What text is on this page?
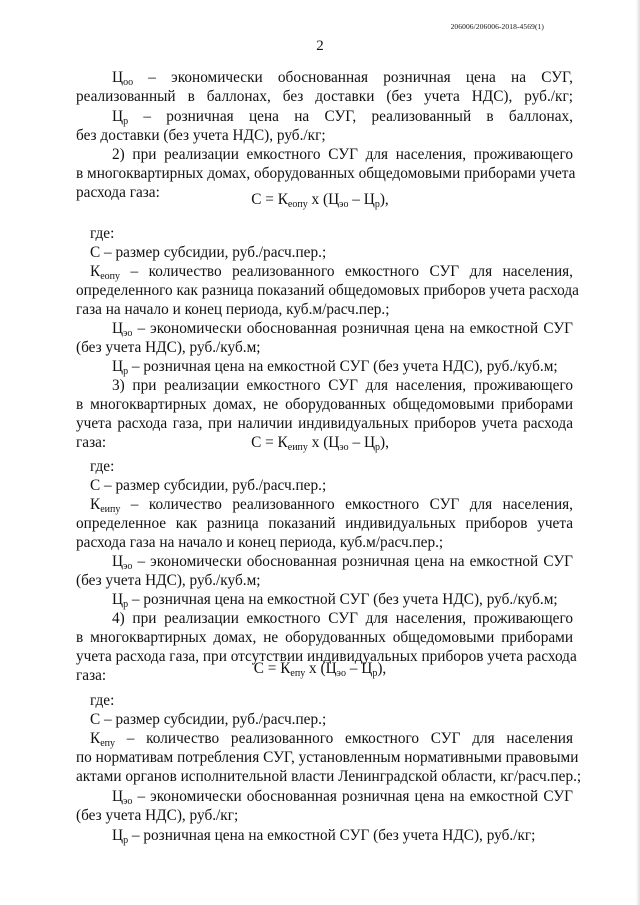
206006/206006-2018-4569(1)
2
$Ц_{оо}$ – экономически обоснованная розничная цена на СУГ,
реализованный в баллонах, без доставки (без учета НДС), руб./кг;
$Ц_р$ – розничная цена на СУГ, реализованный в баллонах,
без доставки (без учета НДС), руб./кг;
2) при реализации емкостного СУГ для населения, проживающего
в многоквартирных домах, оборудованных общедомовыми приборами учета
расхода газа:	$С = К_{еопу}$ х $(Ц_{эо} - Ц_р)$,
где:
С – размер субсидии, руб./расч.пер.;
$К_{еопу}$ – количество реализованного емкостного СУГ для населения,
определенного как разница показаний общедомовых приборов учета расхода
газа на начало и конец периода, куб.м/расч.пер.;
$Ц_{эо}$ – экономически обоснованная розничная цена на емкостной СУГ
(без учета НДС), руб./куб.м;
$Ц_р$ – розничная цена на емкостной СУГ (без учета НДС), руб./куб.м;
3) при реализации емкостного СУГ для населения, проживающего
в многоквартирных домах, не оборудованных общедомовыми приборами
учета расхода газа, при наличии индивидуальных приборов учета расхода
газа:	$С = К_{еипу}$ х $(Ц_{эо} - Ц_р)$,
где:
С – размер субсидии, руб./расч.пер.;
$К_{еипу}$ – количество реализованного емкостного СУГ для населения,
определенное как разница показаний индивидуальных приборов учета
расхода газа на начало и конец периода, куб.м/расч.пер.;
$Ц_{эо}$ – экономически обоснованная розничная цена на емкостной СУГ
(без учета НДС), руб./куб.м;
$Ц_р$ – розничная цена на емкостной СУГ (без учета НДС), руб./куб.м;
4) при реализации емкостного СУГ для населения, проживающего
в многоквартирных домах, не оборудованных общедомовыми приборами
учета расхода газа, при отсутствии индивидуальных приборов учета расхода
газа:	$С = К_{епу}$ х $(Ц_{эо} - Ц_р)$,
где:
С – размер субсидии, руб./расч.пер.;
$К_{епу}$ – количество реализованного емкостного СУГ для населения
по нормативам потребления СУГ, установленным нормативными правовыми
актами органов исполнительной власти Ленинградской области, кг/расч.пер.;
$Ц_{эо}$ – экономически обоснованная розничная цена на емкостной СУГ
(без учета НДС), руб./кг;
$Ц_р$ – розничная цена на емкостной СУГ (без учета НДС), руб./кг;
